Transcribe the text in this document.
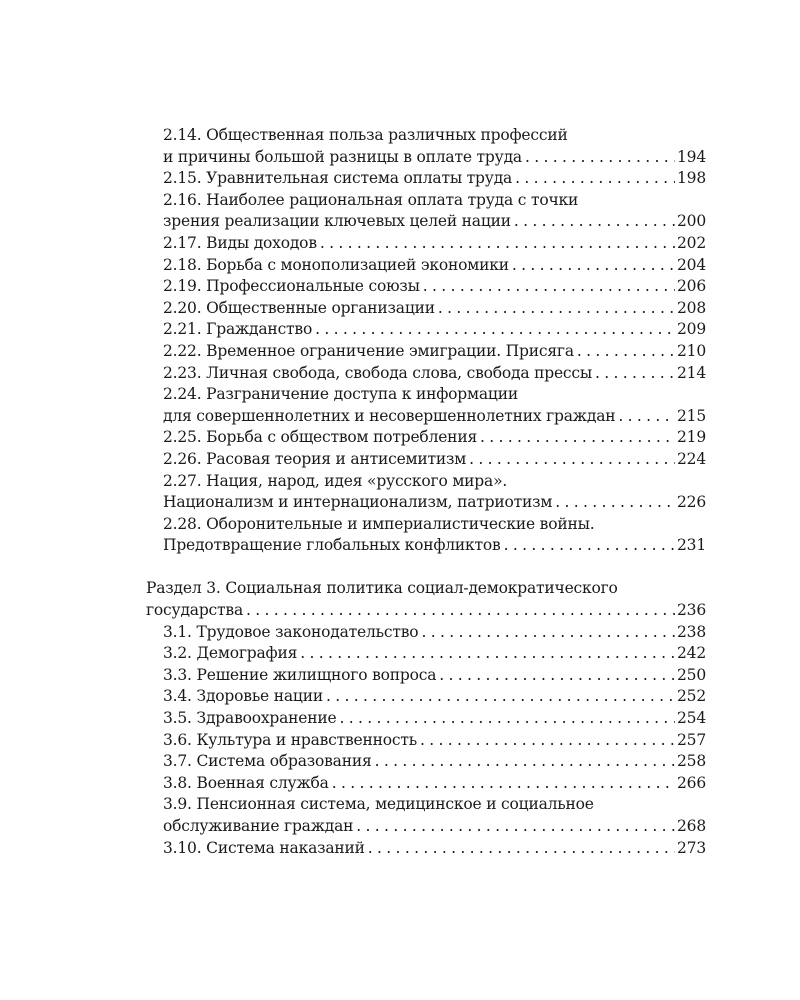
2.14. Общественная польза различных профессий
и причины большой разницы в оплате труда . . .	194
2.15. Уравнительная система оплаты труда . . .	198
2.16. Наиболее рациональная оплата труда с точки
зрения реализации ключевых целей нации . . .	200
2.17. Виды доходов . . .	202
2.18. Борьба с монополизацией экономики . . .	204
2.19. Профессиональные союзы . . .	206
2.20. Общественные организации . . .	208
2.21. Гражданство . . .	209
2.22. Временное ограничение эмиграции. Присяга . . .	210
2.23. Личная свобода, свобода слова, свобода прессы . . .	214
2.24. Разграничение доступа к информации
для совершеннолетних и несовершеннолетних граждан . . .	215
2.25. Борьба с обществом потребления . . .	219
2.26. Расовая теория и антисемитизм . . .	224
2.27. Нация, народ, идея «русского мира».
Национализм и интернационализм, патриотизм . . .	226
2.28. Оборонительные и империалистические войны.
Предотвращение глобальных конфликтов . . .	231
Раздел 3. Социальная политика социал-демократического
государства . . .	236
3.1. Трудовое законодательство . . .	238
3.2. Демография . . .	242
3.3. Решение жилищного вопроса . . .	250
3.4. Здоровье нации . . .	252
3.5. Здравоохранение . . .	254
3.6. Культура и нравственность . . .	257
3.7. Система образования . . .	258
3.8. Военная служба . . .	266
3.9. Пенсионная система, медицинское и социальное
обслуживание граждан . . .	268
3.10. Система наказаний . . .	273
